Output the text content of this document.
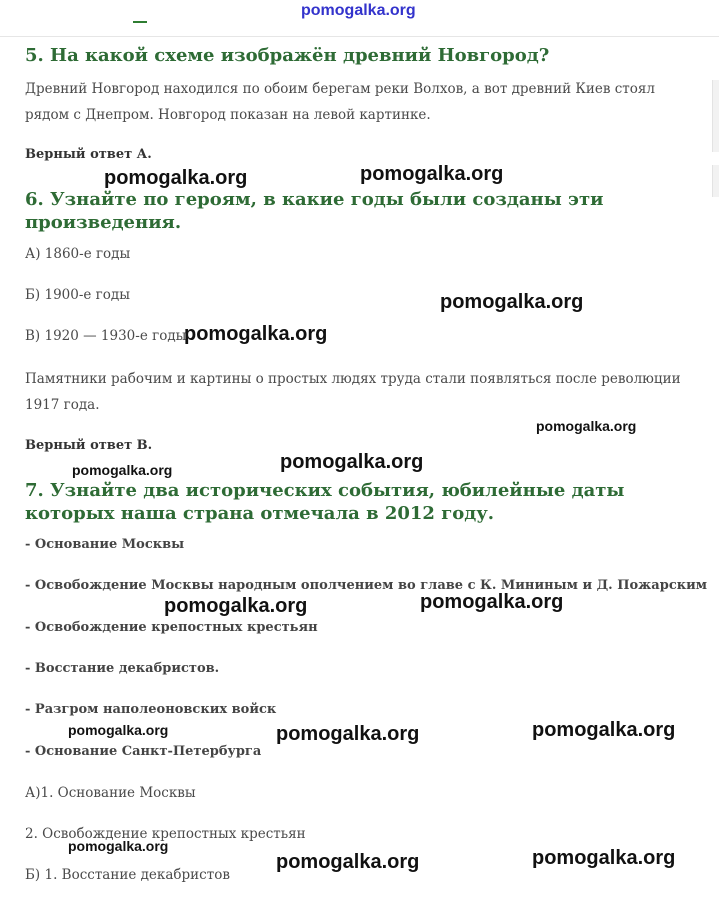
pomogalka.org
5. На какой схеме изображён древний Новгород?

Древний Новгород находился по обоим берегам реки Волхов, а вот древний Киев стоял рядом с Днепром. Новгород показан на левой картинке.

Верный ответ А.

6. Узнайте по героям, в какие годы были созданы эти произведения.

А) 1860-е годы

Б) 1900-е годы

В) 1920 — 1930-е годы

Памятники рабочим и картины о простых людях труда стали появляться после революции 1917 года.

Верный ответ В.

7. Узнайте два исторических события, юбилейные даты которых наша страна отмечала в 2012 году.

- Основание Москвы

- Освобождение Москвы народным ополчением во главе с К. Мининым и Д. Пожарским

- Освобождение крепостных крестьян

- Восстание декабристов.

- Разгром наполеоновских войск

- Основание Санкт-Петербурга

А)1. Основание Москвы

2. Освобождение крепостных крестьян

Б) 1. Восстание декабристов

pomogalka.org	pomogalka.org
pomogalka.org
pomogalka.org
pomogalka.org
pomogalka.org	pomogalka.org
pomogalka.org	pomogalka.org
pomogalka.org	pomogalka.org	pomogalka.org
pomogalka.org
pomogalka.org	pomogalka.org
